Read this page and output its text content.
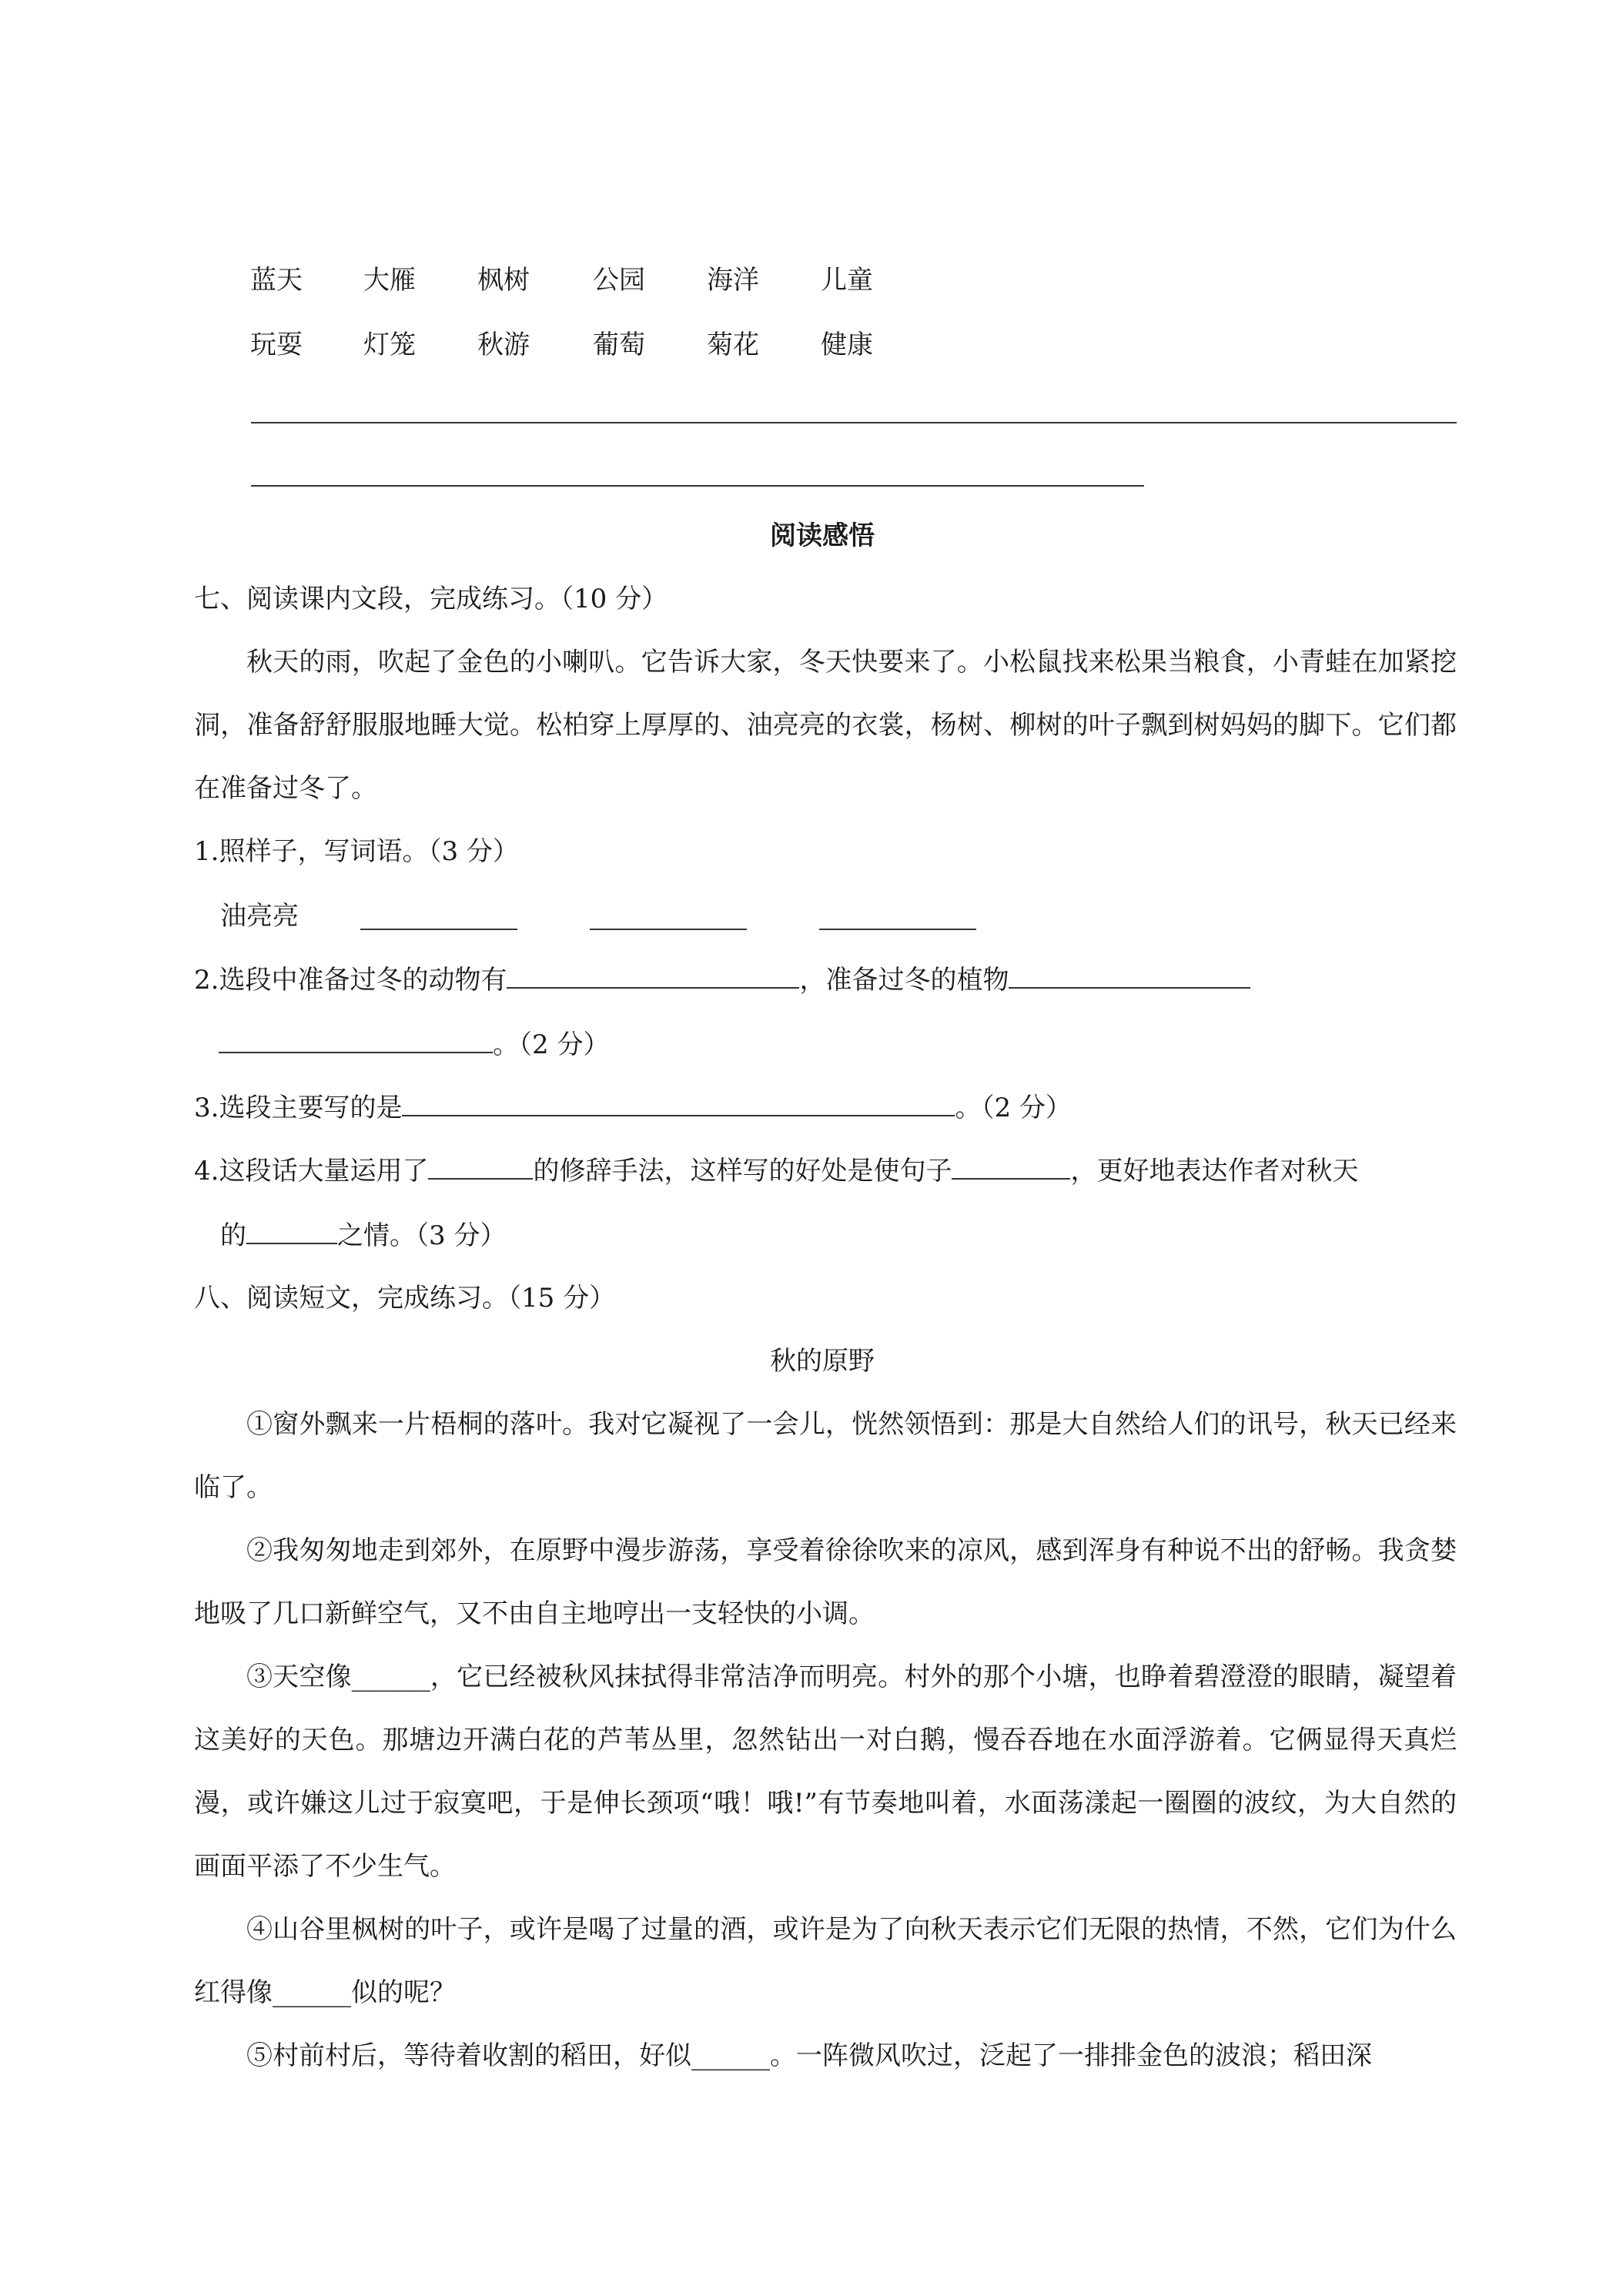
蓝天 大雁 枫树 公园 海洋 儿童
玩耍 灯笼 秋游 葡萄 菊花 健康
阅读感悟
七、阅读课内文段，完成练习。（10 分）
秋天的雨，吹起了金色的小喇叭。它告诉大家，冬天快要来了。小松鼠找来松果当粮食，小青蛙在加紧挖洞，准备舒舒服服地睡大觉。松柏穿上厚厚的、油亮亮的衣裳，杨树、柳树的叶子飘到树妈妈的脚下。它们都在准备过冬了。
1.照样子，写词语。（3 分）
油亮亮
2.选段中准备过冬的动物有	，准备过冬的植物
。（2 分）
3.选段主要写的是	。（2 分）
4.这段话大量运用了	的修辞手法，这样写的好处是使句子	，更好地表达作者对秋天
的	之情。（3 分）
八、阅读短文，完成练习。（15 分）
秋的原野
①窗外飘来一片梧桐的落叶。我对它凝视了一会儿，恍然领悟到：那是大自然给人们的讯号，秋天已经来临了。
②我匆匆地走到郊外，在原野中漫步游荡，享受着徐徐吹来的凉风，感到浑身有种说不出的舒畅。我贪婪地吸了几口新鲜空气，又不由自主地哼出一支轻快的小调。
③天空像______，它已经被秋风抹拭得非常洁净而明亮。村外的那个小塘，也睁着碧澄澄的眼睛，凝望着这美好的天色。那塘边开满白花的芦苇丛里，忽然钻出一对白鹅，慢吞吞地在水面浮游着。它俩显得天真烂漫，或许嫌这儿过于寂寞吧，于是伸长颈项“哦！哦!”有节奏地叫着，水面荡漾起一圈圈的波纹，为大自然的画面平添了不少生气。
④山谷里枫树的叶子，或许是喝了过量的酒，或许是为了向秋天表示它们无限的热情，不然，它们为什么红得像______似的呢？
⑤村前村后，等待着收割的稻田，好似______。一阵微风吹过，泛起了一排排金色的波浪；稻田深
